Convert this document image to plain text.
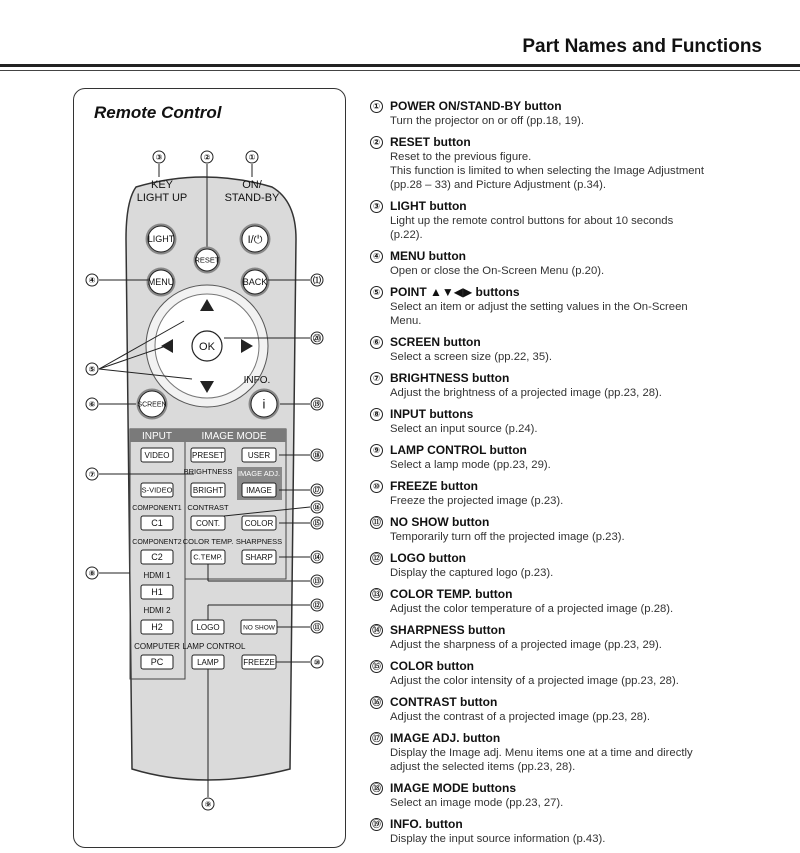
Part Names and Functions
Remote Control
KEY
LIGHT UP
ON/
STAND-BY
③	②	①
LIGHT
RESET
I/⏻
MENU	BACK
④	⑴
OK
⑤
⑳
INFO.
SCREEN	i
⑥	⑲
INPUT	IMAGE MODE
VIDEO	PRESET	USER	⑱
BRIGHTNESS IMAGE ADJ.
S-VIDEO	BRIGHT	IMAGE
⑦
⑰
COMPONENT1 CONTRAST
C1	CONT.	COLOR
⑯
⑮
COMPONENT2 COLOR TEMP. SHARPNESS
C2	C.TEMP.	SHARP	⑭
⑬
HDMI 1
H1
⑧
HDMI 2
H2	LOGO	NO SHOW
⑫
⑪
COMPUTER LAMP CONTROL
PC	LAMP	FREEZE	⑩
⑨
① POWER ON/STAND-BY button
Turn the projector on or off (pp.18, 19).
② RESET button
Reset to the previous figure.
This function is limited to when selecting the Image Adjustment
(pp.28 – 33) and Picture Adjustment (p.34).
③ LIGHT button
Light up the remote control buttons for about 10 seconds
(p.22).
④ MENU button
Open or close the On-Screen Menu (p.20).
⑤ POINT ▲▼◀▶ buttons
Select an item or adjust the setting values in the On-Screen
Menu.
⑥ SCREEN button
Select a screen size (pp.22, 35).
⑦ BRIGHTNESS button
Adjust the brightness of a projected image (pp.23, 28).
⑧ INPUT buttons
Select an input source (p.24).
⑨ LAMP CONTROL button
Select a lamp mode (pp.23, 29).
⑩ FREEZE button
Freeze the projected image (p.23).
⑪ NO SHOW button
Temporarily turn off the projected image (p.23).
⑫ LOGO button
Display the captured logo (p.23).
⑬ COLOR TEMP. button
Adjust the color temperature of a projected image (p.28).
⑭ SHARPNESS button
Adjust the sharpness of a projected image (pp.23, 29).
⑮ COLOR button
Adjust the color intensity of a projected image (pp.23, 28).
⑯ CONTRAST button
Adjust the contrast of a projected image (pp.23, 28).
⑰ IMAGE ADJ. button
Display the Image adj. Menu items one at a time and directly
adjust the selected items (pp.23, 28).
⑱ IMAGE MODE buttons
Select an image mode (pp.23, 27).
⑲ INFO. button
Display the input source information (p.43).
